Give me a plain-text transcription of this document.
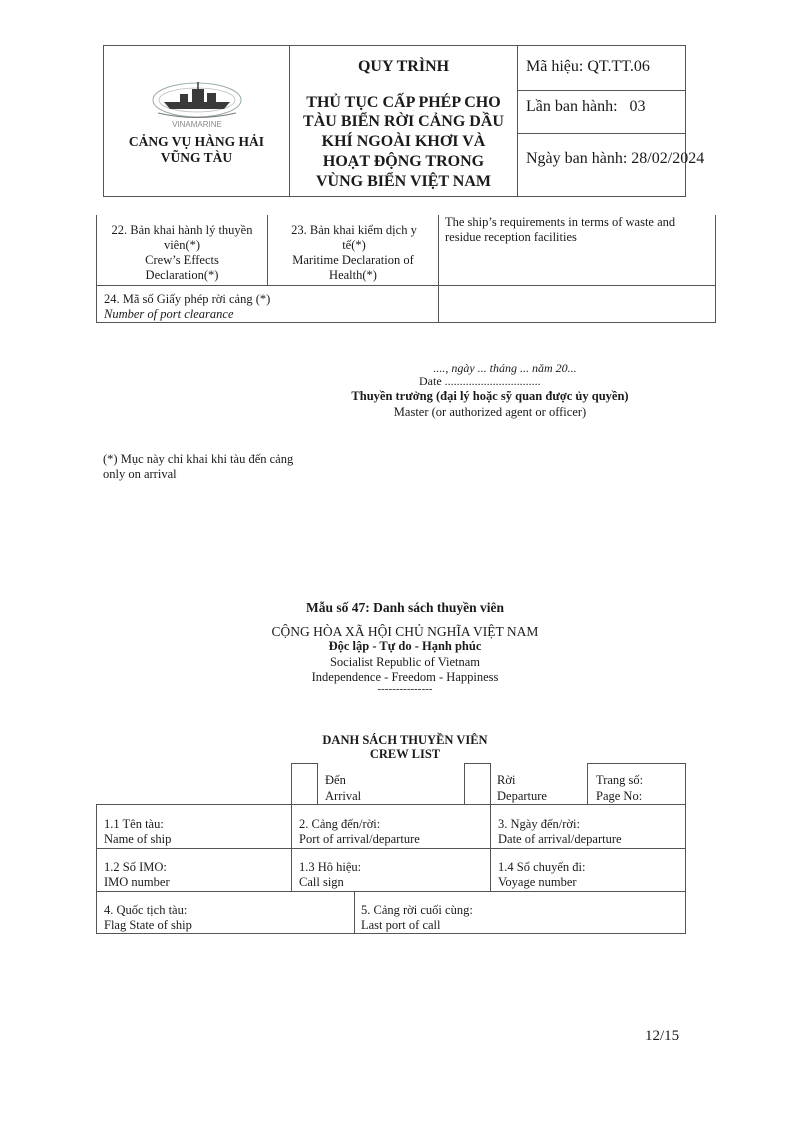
VINAMARINE
CẢNG VỤ HÀNG HẢI
VŨNG TÀU
QUY TRÌNH
THỦ TỤC CẤP PHÉP CHO
TÀU BIỂN RỜI CẢNG DẦU
KHÍ NGOÀI KHƠI VÀ
HOẠT ĐỘNG TRONG
VÙNG BIỂN VIỆT NAM
Mã hiệu: QT.TT.06
Lần ban hành:   03
Ngày ban hành: 28/02/2024
22. Bản khai hành lý thuyền viên(*)
Crew’s Effects Declaration(*)
23. Bản khai kiểm dịch y tế(*)
Maritime Declaration of Health(*)
The ship’s requirements in terms of waste and residue reception facilities
24. Mã số Giấy phép rời cảng (*)
Number of port clearance
...., ngày ... tháng ... năm 20...
Date ................................
Thuyền trưởng (đại lý hoặc sỹ quan được ủy quyền)
Master (or authorized agent or officer)
(*) Mục này chỉ khai khi tàu đến cảng
only on arrival
Mẫu số 47: Danh sách thuyền viên
CỘNG HÒA XÃ HỘI CHỦ NGHĨA VIỆT NAM
Độc lập - Tự do - Hạnh phúc
Socialist Republic of Vietnam
Independence - Freedom - Happiness
---------------
DANH SÁCH THUYỀN VIÊN
CREW LIST
Đến
Arrival
Rời
Departure
Trang số:
Page No:
1.1 Tên tàu:
Name of ship
2. Cảng đến/rời:
Port of arrival/departure
3. Ngày đến/rời:
Date of arrival/departure
1.2 Số IMO:
IMO number
1.3 Hô hiệu:
Call sign
1.4 Số chuyến đi:
Voyage number
4. Quốc tịch tàu:
Flag State of ship
5. Cảng rời cuối cùng:
Last port of call
12/15
